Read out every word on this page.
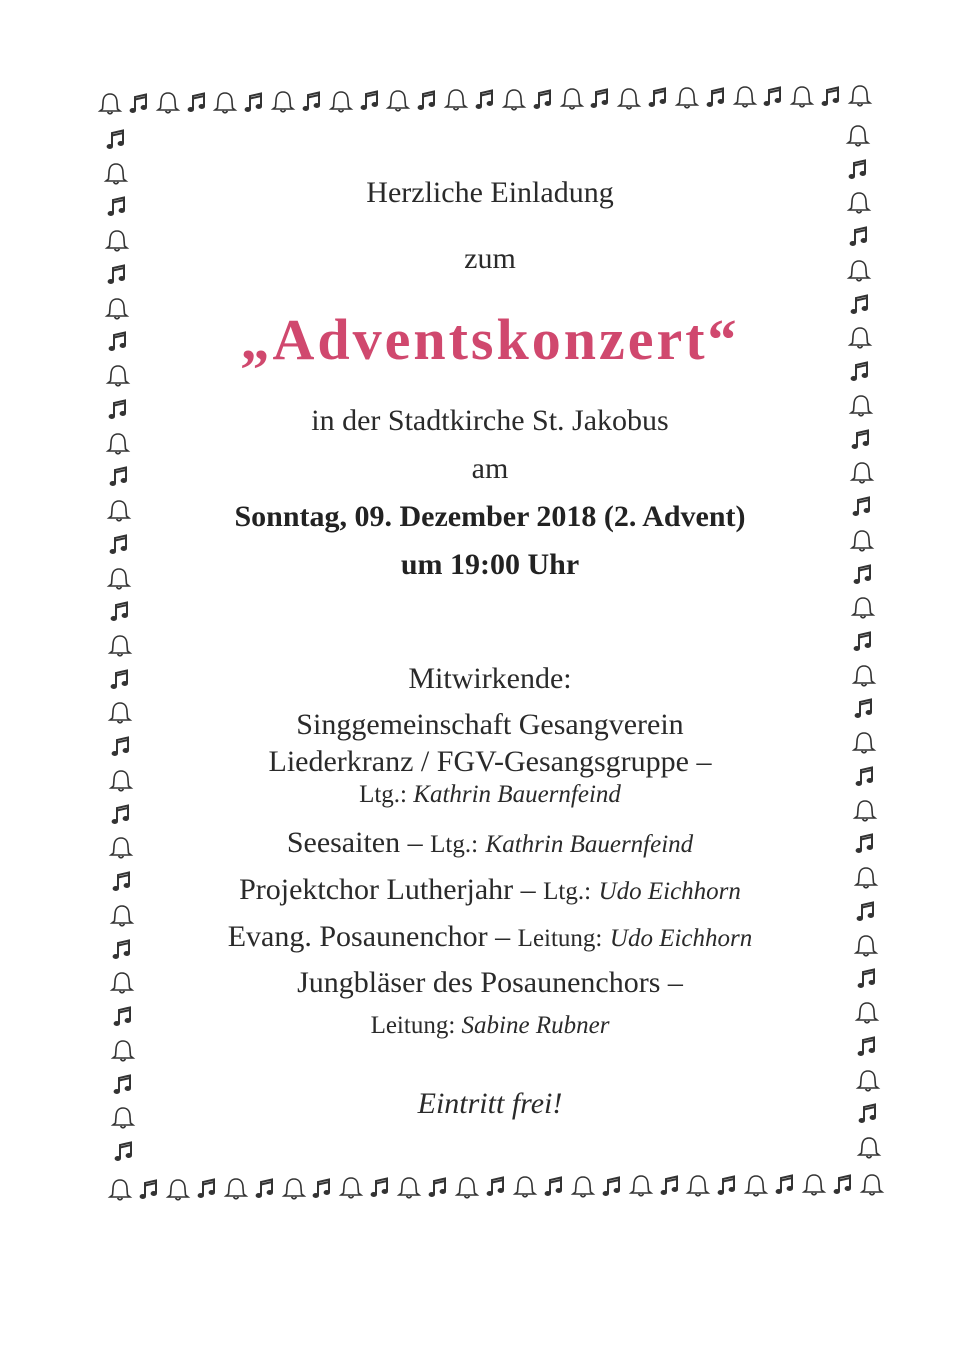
Herzliche Einladung
zum
„Adventskonzert“
in der Stadtkirche St. Jakobus
am
Sonntag, 09. Dezember 2018 (2. Advent)
um 19:00 Uhr
Mitwirkende:
Singgemeinschaft Gesangverein
Liederkranz / FGV-Gesangsgruppe –
Ltg.: Kathrin Bauernfeind
Seesaiten – Ltg.: Kathrin Bauernfeind
Projektchor Lutherjahr – Ltg.: Udo Eichhorn
Evang. Posaunenchor – Leitung: Udo Eichhorn
Jungbläser des Posaunenchors –
Leitung: Sabine Rubner
Eintritt frei!
